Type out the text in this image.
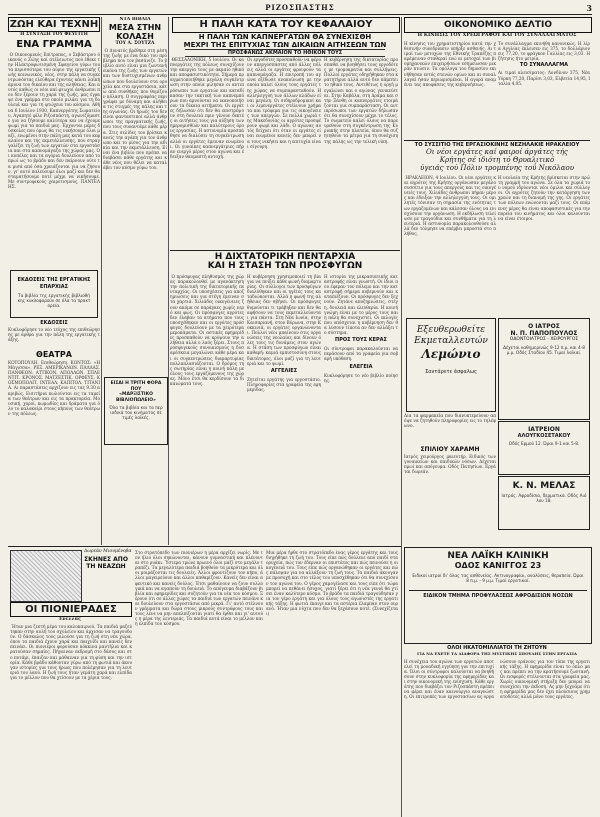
ΡΙΖΟΣΠΑΣΤΗΣ	3
ΖΩΗ ΚΑΙ ΤΕΧΝΗ
Η ΣΥΝΤΑΞΗ ΤΟΥ ΦΕΥΓΙΤΗ
ΕΝΑ ΓΡΑΜΜΑ
Ο Οικονομικός Επίτροπος, ο Σεβάστρου ό ικανός ο Ζώης καί ατέλειωτος πού έθεκε την Ηλεκτροφωτισμένη Σφαγείου γύρω του τα περισσότερα του αύριο της εργατικής ζωής κοινωνικός, νέος, στην πάλη να συγκεντρωνόντας ελεύθερα έχοντας κάνει λαϊκή άμυνα του δικαίου και της αλήθειας. Και αυτός καθώς οι νέοι καί φτωχοί άνθρωποι που δεν ξέρουν τη χαρά της ζωής, μας έγραψε ένα γράμμα στο οποίο μιλάει για τη δουλειά και για τη φτώχεια του κόσμου. Αθήνα 6 Ιουλίου 1930, Καπνεργάτης Σωματείου, Αγαπητέ φίλε Ριζοσπάστη, αγωνιζόμαστε για να ζήσουμε καλύτερα και να έχουμε ψωμί για τα παιδιά μας. Έρχονται μέρες δύσκολες που όμως θα τις νικήσουμε όλοι μαζί, ενωμένοι στην πάλη μας κατά του κεφαλαίου και της εκμετάλλευσης, που στραγγαλίζει τη ζωή των εργατών στα εργοστάσια και στα καπνομάγαζα της χώρας μας. Οι κοπέλες και τα αγόρια δουλεύουν από το πρωί ως το βράδυ και δεν παίρνουν ούτε τα μισά από όσα χρειάζονται για να ζήσουν, γι' αυτό παλεύουμε όλοι μαζί και δεν θα σταματήσουμε ποτέ μέχρι να νικήσουμε. Με συντροφικούς χαιρετισμούς, ΠΑΝΤΕΛΗΣ.
ΕΚΔΟΣΕΙΣ ΤΗΣ ΕΡΓΑΤΙΚΗΣ ΕΠΑΡΧΙΑΣ
Τα βιβλία της εργατικής βιβλιοθήκης κυκλοφορούν σε όλα τα πρακτορεία.
ΕΚΔΟΣΕΙΣ
Κυκλοφόρησε το νέο τεύχος της επιθεώρησης με άρθρα για την πάλη της εργατικής τάξης.
ΘΕΑΤΡΑ
ΚΟΤΟΠΟΥΛΗ. Επιθεώρηση. ΚΟΝΤΟΣ: «Η Μάγισσα». ΡΕΞ. ΑΜΕΡΙΚΑΝΟΝ. ΠΑΛΛΑΣ. ΠΑΝΘΕΟΝ. ΑΤΤΙΚΟΝ. ΑΠΟΛΛΩΝ. ΣΠΛΕΝΤΙΤ. ΚΡΟΝΟΣ. ΜΑΤΖΕΣΤΙΚ. ΟΡΦΕΥΣ. ΚΟΣΜΟΠΟΛΙΤ. ΙΝΤΕΑΛ. ΚΑΠΙΤΟΛ. ΤΙΤΑΝΙΑ. Αι παραστάσεις αρχίζουν εις τας 9.30 ακριβώς. Εισιτήρια πωλούνται εις τα ταμεία των θεάτρων και εις τα πρακτορεία. Μουσική, χοροί, κωμωδίες και δράματα για όλο το καλοκαίρι στους κήπους των θεάτρων της πόλεως.
ΝΤΑ ΒΙΒΛΙΑ
ΜΕΣΑ ΣΤΗΝ ΚΟΛΑΣΗ
ΤΟΥ Α. ΣΟΥΤΖΑ
Ο Δυνατός βρέθηκε στη μέση της ζωής με ένα δικό του πρόβλημα που τον βασάνιζε. Το βιβλίο αυτό είναι μια ζωντανή εικόνα της ζωής των εργατών και των δυστυχισμένων ανθρώπων που δουλεύουν στα ορυχεία και στα εργοστάσια, κάτω από συνθήκες που θυμίζουν κόλαση. Ο συγγραφέας περιγράφει με δύναμη και αλήθεια τις στιγμές της πάλης και της αγωνίας. Οι ήρωές του δεν είναι φανταστικοί αλλά άνθρωποι της πραγματικής ζωής, που τους συναντάμε κάθε μέρα. Στις σελίδες του βρίσκει κανείς την αγάπη για τον άνθρωπο και το μίσος για την αδικία και την εκμετάλλευση. Είναι ένα βιβλίο που πρέπει να διαβάσει κάθε εργάτης και κάθε νέος που θέλει να καταλάβει τον κόσμο γύρω του.
ΕΙΣΑΙ Η ΤΡΙΤΗ ΦΟΡΑ ΠΟΥ
«ΜΑΡΞΙΣΤΙΚΟ ΒΙΒΛΙΟΠΩΛΕΙΟ»
Όλα τα βιβλία και τα περιοδικά του κινήματος σε τιμές λαϊκές.
Η ΠΑΛΗ ΚΑΤΑ ΤΟΥ ΚΕΦΑΛΑΙΟΥ
Η ΠΑΛΗ ΤΩΝ ΚΑΠΝΕΡΓΑΤΩΝ ΘΑ ΣΥΝΕΧΙΣΘΗ
ΜΕΧΡΙ ΤΗΣ ΕΠΙΤΥΧΙΑΣ ΤΩΝ ΔΙΚΑΙΩΝ ΑΙΤΗΣΕΩΝ ΤΩΝ
ΠΡΟΣΦΑΝΩΣ ΑΚΜΑΙΟΝ ΤΟ ΗΘΙΚΟΝ ΤΟΥΣ
ΘΕΣΣΑΛΟΝΙΚΗ, 5 Ιουλίου. Οι καπνεργάτες της πόλεως συνεχίζουν την απεργία τους με ακμαίο ηθικό και αποφασιστικότητα. Σήμερα πραγματοποιήθηκε μεγάλη συγκέντρωση στην οποία μίλησαν οι αντιπρόσωποι των εργατών και καταδίκασαν την τακτική των καπνεμπόρων που αρνούνται να ικανοποιήσουν τα δίκαια αιτήματα. Οι εργάτες δήλωσαν ότι δεν θα επιστρέψουν στη δουλειά πριν γίνουν δεκτές οι αιτήσεις τους για αύξηση των ημερομισθίων και καλύτερους όρους εργασίας. Η αστυνομία προσπάθησε να διαλύσει τη συγκέντρωση αλλά οι εργάτες έμειναν ενωμένοι. Οι γυναίκες καπνεργάτριες πήραν ενεργό μέρος στον αγώνα και έδειξαν θαυμαστή αντοχή.
Οι εργοδότες προσπαθούν να φέρουν απεργοσπάστες από άλλες πόλεις αλλά οι εργάτες φρουρούν τα καπνομάγαζα. Η επιτροπή του αγώνα εξέδωσε ανακοίνωση με την οποία καλεί όλους τους εργάτες της χώρας να συμπαρασταθούν. Η αλληλεγγύη των άλλων κλάδων είναι μεγάλη. Οι σιδηροδρομικοί και οι λιμενεργάτες στέλνουν χρήματα και τρόφιμα για τις οικογένειες των απεργών. Σε πολλά χωριά της Μακεδονίας οι αγρότες προσφέρουν ψωμί και λάδι. Ο αγώνας αυτός δείχνει ότι όταν οι εργάτες είναι ενωμένοι κανείς δεν μπορεί να τους νικήσει και η επιτυχία είναι σίγουρη.
Η κυβέρνηση της δικτατορίας προσπαθεί να βοηθήσει τους εργοδότες με τρομοκρατία και συλλήψεις. Πολλοί εργάτες οδηγήθηκαν στα κρατητήρια αλλά αυτό δεν κάμπτει το ηθικό τους. Αντιθέτως η οργή μεγαλώνει και ο αγώνας γενικεύεται. Στην Καβάλα, στη Δράμα και στην Ξάνθη οι καπνεργάτες ετοιμάζονται για συμπαράσταση. Οι αντιπρόσωποι των εργατών δήλωσαν ότι θα συνεχίσουν μέχρι το τέλος. Το σωματείο καλεί όλους να παρευρεθούν στη συγκέντρωση της Κυριακής στην πλατεία, όπου θα συζητηθούν τα μέτρα για τη συνέχιση της πάλης ως την τελική νίκη.
Η ΔΙΧΤΑΤΟΡΙΚΗ ΠΕΝΤΑΡΧΙΑ
ΚΑΙ Η ΣΤΑΣΗ ΤΩΝ ΠΡΟΣΦΥΓΩΝ
Ο πρόσφυγας πληθυσμός της χώρας παρακολουθεί με αγανάκτηση την πολιτική της δικτατορικής πενταρχίας. Οι υποσχέσεις για αποζημιώσεις και για στέγη έμειναν στα χαρτιά. Χιλιάδες οικογένειες ζουν ακόμα σε παράγκες χωρίς νερό και φως. Οι πρόσφυγες αγρότες δεν έλαβαν τα κτήματα που τους υποσχέθηκαν και οι εργάτες πρόσφυγες δουλεύουν με τα χειρότερα μεροκάματα. Οι αστικές εφημερίδες προσπαθούν να κρύψουν την αλήθεια αλλά ο λαός ξέρει. Στους προσφυγικούς συνοικισμούς η δυσαρέσκεια μεγαλώνει κάθε μέρα και οι συγκεντρώσεις διαμαρτυρίας πολλαπλασιάζονται. Ο δρόμος της σωτηρίας είναι η κοινή πάλη με όλους τους εργαζόμενους της χώρας. Μόνο έτσι θα κερδίσουν τα δικαιώματά τους.
Η κυβέρνηση χρησιμοποιεί τη βία για να πνίξει κάθε φωνή διαμαρτυρίας. Οι σύλλογοι των προσφύγων διαλύθηκαν και οι ηγέτες τους καταδιώκονται. Αλλά η φωνή της αλήθειας δεν σβήνει. Οι πρόσφυγες θυμούνται τι τράβηξαν και δεν θα αφήσουν να τους εκμεταλλεύονται για πάντα. Στη Νέα Ιωνία, στην Καισαριανή, στον Βύρωνα, στην Κοκκινιά, οι εργάτες οργανώνονται. Πολλοί νέοι μπαίνουν στις οργανώσεις της νεολαίας και δίνουν όλες τους τις δυνάμεις στον αγώνα. Η στάση των προσφύγων είναι καθαρή: καμιά εμπιστοσύνη στους δικτάτορες, όλοι μαζί για τη λευτεριά και το ψωμί.

ΑΓΓΕΛΙΕΣ
Ζητείται εργάτης για εργοστάσιο. Πληροφορίες στα γραφεία της εφημερίδας.
Η ιστορία της μικρασιατικής καταστροφής είναι γνωστή. Οι ίδιοι που έφεραν τον πόλεμο και την καταστροφή σήμερα κυβερνούν και καταπιέζουν. Οι πρόσφυγες δεν ξεχνούν. Ζητάνε αποζημιώσεις, στέγη, δουλειά και ελευθερία. Η κοινή γνώμη είναι με το μέρος τους και η πάλη θα συνεχιστεί. Οι εκλογές που υπόσχεται η κυβέρνηση δεν θα λύσουν τίποτα αν δεν αλλάξει το σύστημα.
ΠΡΟΣ ΤΟΥΣ ΚΕΡΑΣ
Οι σύντροφοι παρακαλούνται να περάσουν από τα γραφεία για σοβαρή υπόθεση.
ΕΛΕΓΕΙΑ
Κυκλοφόρησε το νέο βιβλίο ποίησης.
ΟΙΚΟΝΟΜΙΚΟ ΔΕΛΤΙΟ
Η ΚΙΝΗΣΙΣ ΤΟΥ ΧΡΕΩΓΡΑΦΟΥ ΚΑΙ ΤΟΥ ΣΥΝΑΛΛΑΓΜΑΤΟΣ
Η κίνησις του χρηματιστηρίου κατά την χθεσινήν συνεδρίασιν υπήρξε ασθενής. Αι τιμαί των μετοχών της Εθνικής Τραπέζης παρέμειναν σταθεραί ενώ αι μετοχαί των βιομηχανικών επιχειρήσεων εσημείωσαν μικράν πτώσιν. Τα ομόλογα του δημοσίου εκινήθησαν εντός στενών ορίων και αι συναλλαγαί ήσαν περιωρισμέναι. Η αγορά αναμένει τας αποφάσεις της κυβερνήσεως.
Το συνάλλαγμα εκινήθη κανονικώς. Η λίρα Αγγλίας έκλεισεν εις 375, το δολλάριον εις 77,20, το φράγκον Γαλλίας εις 3,03. Η ζήτησις ήτο μετρία.
ΤΟ ΣΥΝΑΛΛΑΓΜΑ
Αι τιμαί κλεισίματος: Λονδίνον 375, Νέα Υόρκη 77,20, Παρίσι 3,03, Ελβετία 14,95, Ιταλία 4,05.
ΤΟ ΣΥΣΣΙΤΙΟ ΤΗΣ ΕΡΓΑΣΙΟΚΙΝΗΣ ΝΕΖΗΛΑΚΙΕ ΗΡΑΚΛΕΙΟΥ
Οι νέοι εργάτες καί φαιροί άργάτες τής
Κρήτης σέ ιδιότη τό Θρυαλιτικό
ύγειάς τού Πόλιν τρομπένης τοΰ Νικόλαου
ΗΡΑΚΛΕΙΟΝ, 4 Ιουλίου. Οι νέοι εργάτες και αγρότες της Κρήτης οργάνωσαν μεγάλο συσσίτιο για τους απεργούς και τις οικογένειές τους. Χιλιάδες άνθρωποι πήραν μέρος και έδειξαν την αλληλεγγύη τους. Οι ομιλητές τόνισαν τη σημασία της ενότητας των εργαζομένων και κάλεσαν όλους να ενισχύσουν την οργάνωση. Η εκδήλωση τελείωσε με τραγούδια και συνθήματα για τη λευτεριά. Η αστυνομία παρακολουθούσε αλλά δεν τόλμησε να επέμβει μπροστά στο πλήθος.
Η νεολαία της Κρήτης βρίσκεται στην πρώτη γραμμή του αγώνα. Σε όλα τα χωριά του νομού ιδρύονται νέοι όμιλοι και σύλλογοι. Οι αγρότες ζητούν την κατάργηση των χρεών και τη διανομή της γης. Οι εργάτες των πόλεων ενώνονται μαζί τους. Οι επόμενες μέρες θα είναι αποφασιστικές για την πορεία του κινήματος και όλοι καλούνται να είναι έτοιμοι.
Εξευθερωθείτε
Εκμεταλλευτών
Λεμώνιο
Σαντάρετε άσφαλως
Ο ΙΑΤΡΟΣ
Ν. Π. ΠΑΠΟΠΟΥΛΟΣ
ΟΔΟΝΤΟΙΑΤΡΟΣ - ΧΕΙΡΟΥΡΓΟΣ
Δέχεται καθημερινώς 9-12 π.μ. και 4-8 μ.μ. Οδός Σταδίου 45. Τιμαί λαϊκαί.
Δια τα φαρμακεία που διανυκτερεύουν απόψε να ζητηθούν πληροφορίες εις το τηλέφωνο.
ΣΠΙΛΙΟΥ ΧΑΡΑΜΗ
Ιατρός χειρούργος μαιευτήρ. Ειδικός των γυναικείων και παιδικών νόσων. Δέχεται πρωί και απόγευμα. Οδός Πατησίων. Εργάται δωρεάν.
ΙΑΤΡΕΙΟΝ
ΑΛΟΥΓΚΟΣΕΤΑΚΟΥ
Οδός Ερμού 12. Ώραι 9-1 και 5-8.
Κ. Ν. ΜΕΛΑΣ
Ιατρός. Αφροδίσια, δερματικά. Οδός Αιόλου 18.
ΝΕΑ ΛΑΪΚΗ ΚΛΙΝΙΚΗ
ΟΔΟΣ ΚΑΝΙΓΓΟΣ 23
Ειδικοί ιατροί δι' όλας τας ασθενείας. Ακτινογραφίαι, αναλύσεις, θεραπεία. Ώραι 8 π.μ. - 9 μ.μ. Τιμαί εργατικαί.
ΕΙΔΙΚΟΝ ΤΜΗΜΑ ΠΡΟΦΥΛΑΞΕΩΣ ΑΦΡΟΔΙΣΙΩΝ ΝΟΣΩΝ
ΟΛΟΙ ΗΚΑΤΟΜΙΛΛΙΑΤΟΙ ΤΗ ΖΗΤΟΥΝ
ΓΙΑ ΝΑ ΕΧΕΤΕ ΤΑ ΔΙΑΦΟΡΑ ΤΗΣ ΜΥΣΤΙΚΗΣ ΣΠΟΥΔΗΣ ΣΤΗΝ ΕΡΓΑΣΙΑ
Η συνέχεια του αγώνα των εργατών αποτελεί τη μοναδική εγγύηση για την επιτυχία. Όλοι οι σύντροφοι καλούνται να βοηθήσουν στην κυκλοφορία της εφημερίδας και στην οικονομική της ενίσχυση. Κάθε εργάτης που διαβάζει τον Ριζοσπάστη πρέπει να φέρει και έναν καινούργιο αναγνώστη. Οι επιτροπές των εργοστασίων ας οργανώσουν εράνους για τον τύπο της εργατικής τάξης. Η εφημερίδα είναι το όπλο μας και πρέπει να την κρατήσουμε ζωντανή. Οι εισφορές στέλνονται στα γραφεία μας. Χωρίς οικονομική στήριξη δεν μπορεί να συνεχίσει την έκδοση. Ας μην ξεχνάμε ότι η εφημερίδα μας δεν έχει πλούσιους χρηματοδότες αλλά μόνο τους εργάτες.
Δωρεάν Μιουμένοβα
ΣΚΗΝΕΣ ΑΠΟ ΤΗ ΝΕΑΖΩΗ
ΟΙ ΠΙΟΝΙΕΡΑΔΕΣ
Ενελλας
Ήταν μια ζεστή μέρα του καλοκαιριού. Τα παιδιά μαζεύτηκαν στην αυλή του σχολείου και άρχισαν να τραγουδούν. Ο δάσκαλος τους μιλούσε για τη ζωή στη νέα χώρα, όπου τα παιδιά έχουν χαρά και παιχνίδι και κανείς δεν πεινάει. Οι πιονιέροι φορούσαν κόκκινα μαντήλια και κρατούσαν σημαίες. Πήγαιναν εκδρομή στο δάσος και στο ποτάμι, έπαιζαν και μάθαιναν για τη φύση και την ιστορία. Κάθε βράδυ κάθονταν γύρω από τη φωτιά και άκουγαν ιστορίες για τους ήρωες που πολέμησαν για τη λευτεριά του λαού. Η ζωή τους ήταν γεμάτη χαρά και ελπίδα για το μέλλον που θα χτίσουν με τα χέρια τους.
Στο στρατόπεδο των πιονιέρων η μέρα αρχίζει νωρίς. Με τον ήλιο όλοι σηκώνονται, κάνουν γυμναστική και πλένονται στο ρυάκι. Ύστερα τρώνε πρωινό όλοι μαζί στο μεγάλο τραπέζι. Τα μεγαλύτερα παιδιά βοηθούν τα μικρότερα και όλοι μοιράζονται τις δουλειές. Άλλοι φροντίζουν τον κήπο, άλλοι μαγειρεύουν και άλλοι καθαρίζουν. Κανείς δεν είναι αφεντικό και κανείς δούλος. Έτσι μαθαίνουν να ζουν συλλογικά και να αγαπούν τη δουλειά. Το απόγευμα διαβάζουν βιβλία και εφημερίδες και συζητούν για τα νέα του κόσμου. Ξέρουν ότι σε άλλες χώρες τα παιδιά των εργατών πεινάνε και δουλεύουν στα εργοστάσια από μικρά. Γι' αυτό στέλνουν γράμματα και δώρα στους μικρούς συντρόφους τους και τους λένε να μην απελπίζονται γιατί θα έρθει και γι' αυτούς η μέρα της λευτεριάς. Τα παιδιά αυτά είναι το μέλλον και η ελπίδα του κόσμου.
Μια μέρα ήρθε στο στρατόπεδο ένας γέρος εργάτης και τους διηγήθηκε τη ζωή του. Τους είπε πώς δούλευε από παιδί στα ορυχεία, πώς τον έδερναν οι επιστάτες και πώς πεινούσε η οικογένειά του. Τους είπε πώς οργανώθηκαν οι εργάτες και πώς πάλεψαν για να αλλάξουν τη ζωή τους. Τα παιδιά άκουγαν με προσοχή και στο τέλος του υποσχέθηκαν ότι θα συνεχίσουν τον αγώνα του. Ο γέρος χαμογέλασε και τους είπε ότι τώρα μπορεί να πεθάνει ήσυχος, γιατί ξέρει ότι η νέα γενιά θα χτίσει έναν καλύτερο κόσμο. Το βράδυ τα παιδιά τραγούδησαν για τον γέρο εργάτη και για όλους τους αγωνιστές της εργατικής τάξης. Η φωτιά έκαιγε και τα αστέρια έλαμπαν στον ουρανό. Ήταν μια νύχτα που δεν θα ξεχάσουν ποτέ. (Συνεχίζεται)
